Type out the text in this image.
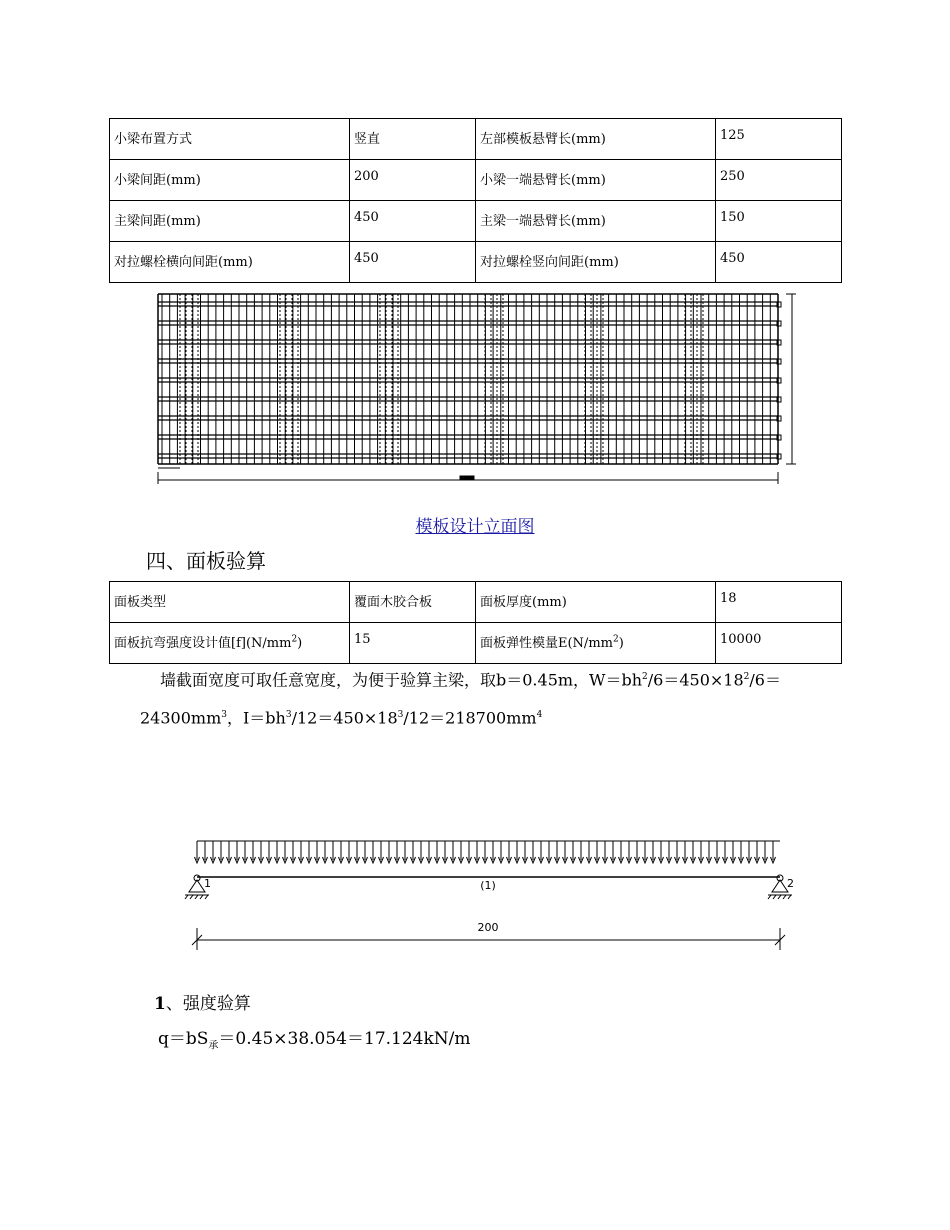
小梁布置方式	竖直	左部模板悬臂长(mm)	125
小梁间距(mm)	200	小梁一端悬臂长(mm)	250
主梁间距(mm)	450	主梁一端悬臂长(mm)	150
对拉螺栓横向间距(mm)	450	对拉螺栓竖向间距(mm)	450
模板设计立面图
四、面板验算
面板类型	覆面木胶合板	面板厚度(mm)	18
面板抗弯强度设计值$[f](N/mm^2)$	15	面板弹性模量$E(N/mm^2)$	10000
墙截面宽度可取任意宽度，为便于验算主梁，取b＝0.45m，$W=bh^2/6=450\times 18^2/6=$
$24300mm^3$，$I=bh^3/12=450\times 18^3/12=218700mm^4$
1	2
(1)
200
1、强度验算
$q=bS_承=0.45\times 38.054=17.124kN/m$
